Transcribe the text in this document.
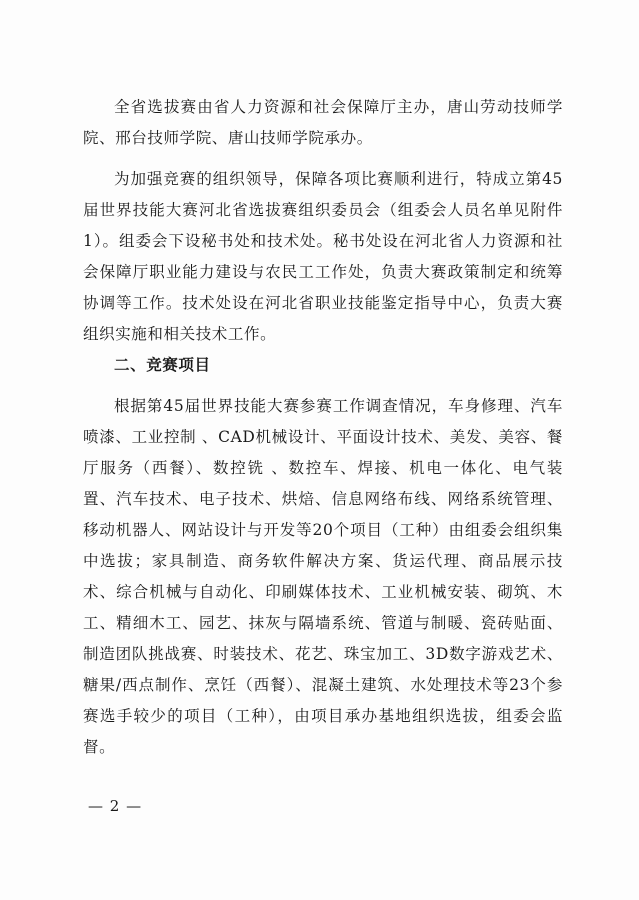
全省选拔赛由省人力资源和社会保障厅主办，唐山劳动技师学院、邢台技师学院、唐山技师学院承办。

为加强竞赛的组织领导，保障各项比赛顺利进行，特成立第45届世界技能大赛河北省选拔赛组织委员会（组委会人员名单见附件1）。组委会下设秘书处和技术处。秘书处设在河北省人力资源和社会保障厅职业能力建设与农民工工作处，负责大赛政策制定和统筹协调等工作。技术处设在河北省职业技能鉴定指导中心，负责大赛组织实施和相关技术工作。

二、竞赛项目

根据第45届世界技能大赛参赛工作调查情况，车身修理、汽车喷漆、工业控制 、CAD机械设计、平面设计技术、美发、美容、餐厅服务（西餐）、数控铣 、数控车、焊接、机电一体化、电气装置、汽车技术、电子技术、烘焙、信息网络布线、网络系统管理、移动机器人、网站设计与开发等20个项目（工种）由组委会组织集中选拔；家具制造、商务软件解决方案、货运代理、商品展示技术、综合机械与自动化、印刷媒体技术、工业机械安装、砌筑、木工、精细木工、园艺、抹灰与隔墙系统、管道与制暖、瓷砖贴面、制造团队挑战赛、时装技术、花艺、珠宝加工、3D数字游戏艺术、糖果/西点制作、烹饪（西餐）、混凝土建筑、水处理技术等23个参赛选手较少的项目（工种），由项目承办基地组织选拔，组委会监督。

— 2 —
